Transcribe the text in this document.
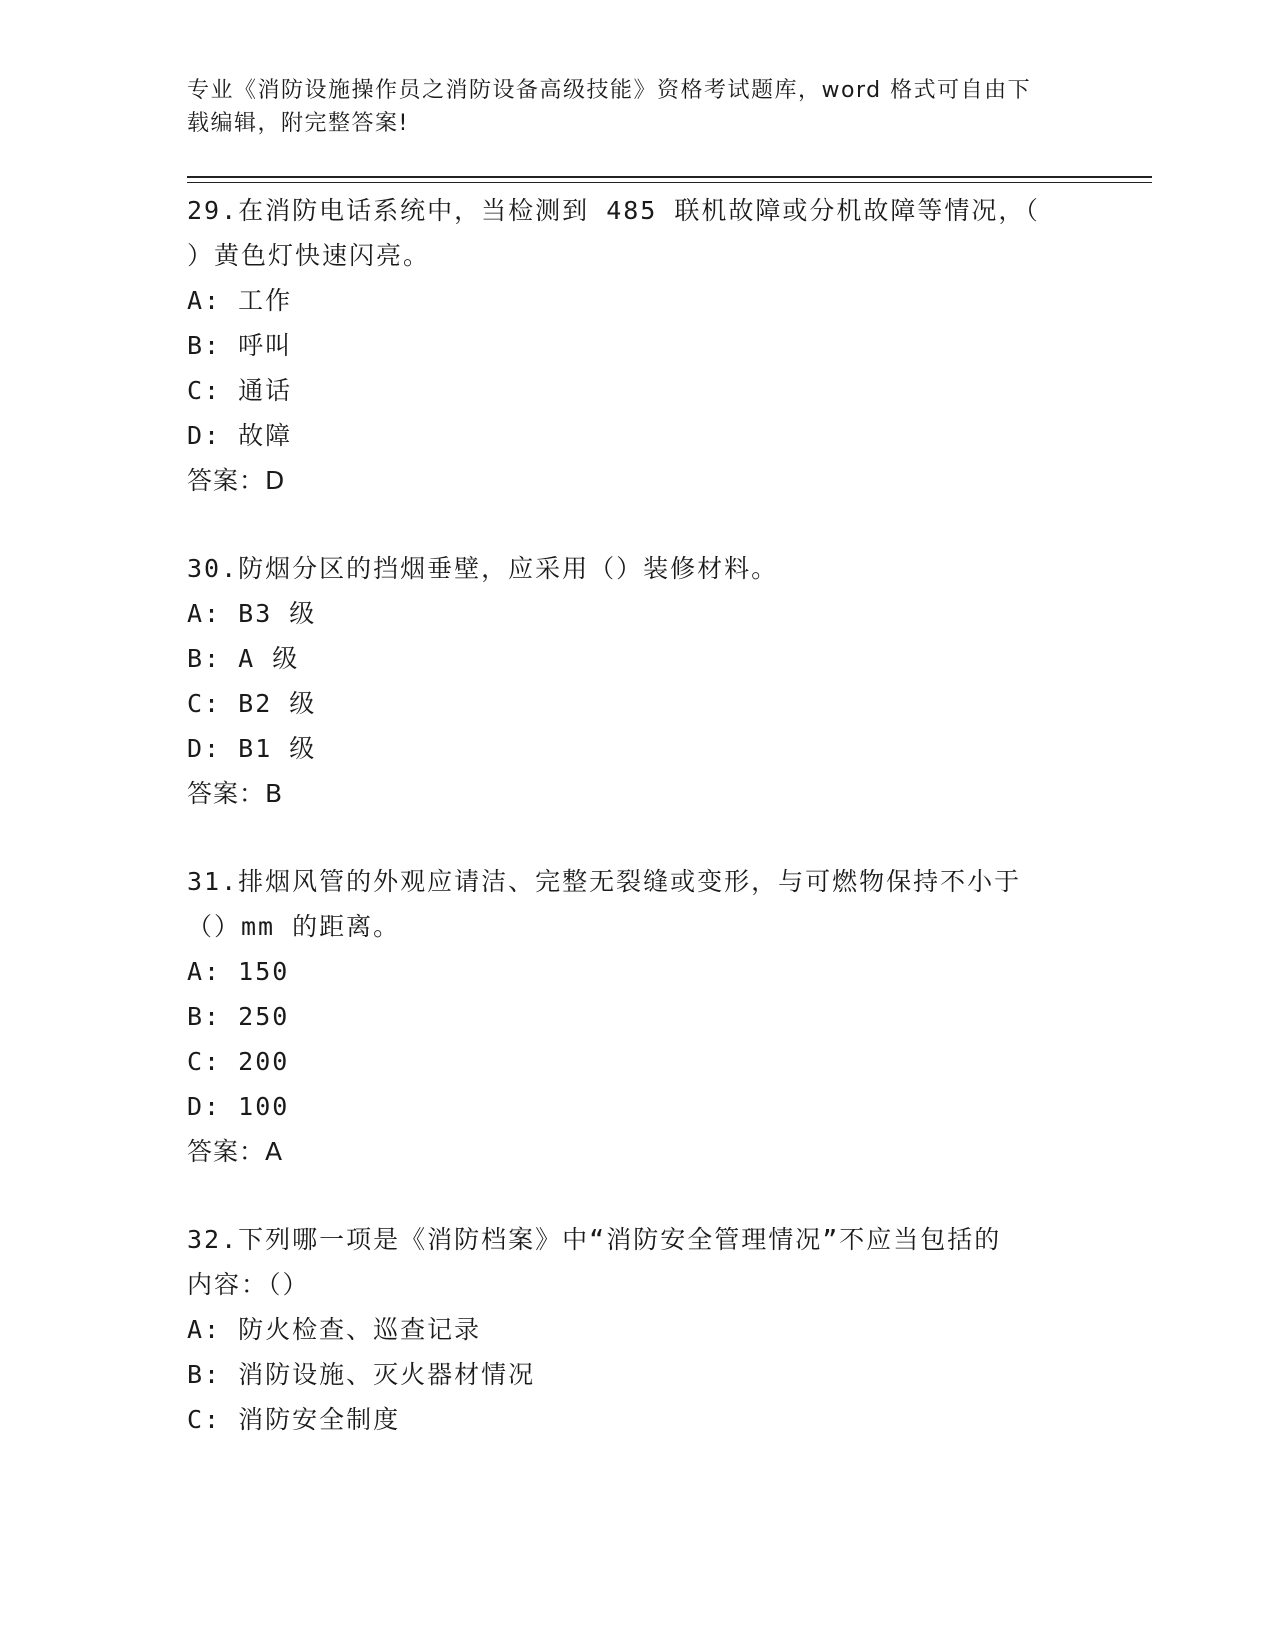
专业《消防设施操作员之消防设备高级技能》资格考试题库，word 格式可自由下
载编辑，附完整答案!
29.在消防电话系统中，当检测到 485 联机故障或分机故障等情况，（
）黄色灯快速闪亮。
A: 工作
B: 呼叫
C: 通话
D: 故障
答案：D
30.防烟分区的挡烟垂壁，应采用（）装修材料。
A: B3 级
B: A 级
C: B2 级
D: B1 级
答案：B
31.排烟风管的外观应请洁、完整无裂缝或变形，与可燃物保持不小于
（）mm 的距离。
A: 150
B: 250
C: 200
D: 100
答案：A
32.下列哪一项是《消防档案》中“消防安全管理情况”不应当包括的
内容：（）
A: 防火检查、巡查记录
B: 消防设施、灭火器材情况
C: 消防安全制度
